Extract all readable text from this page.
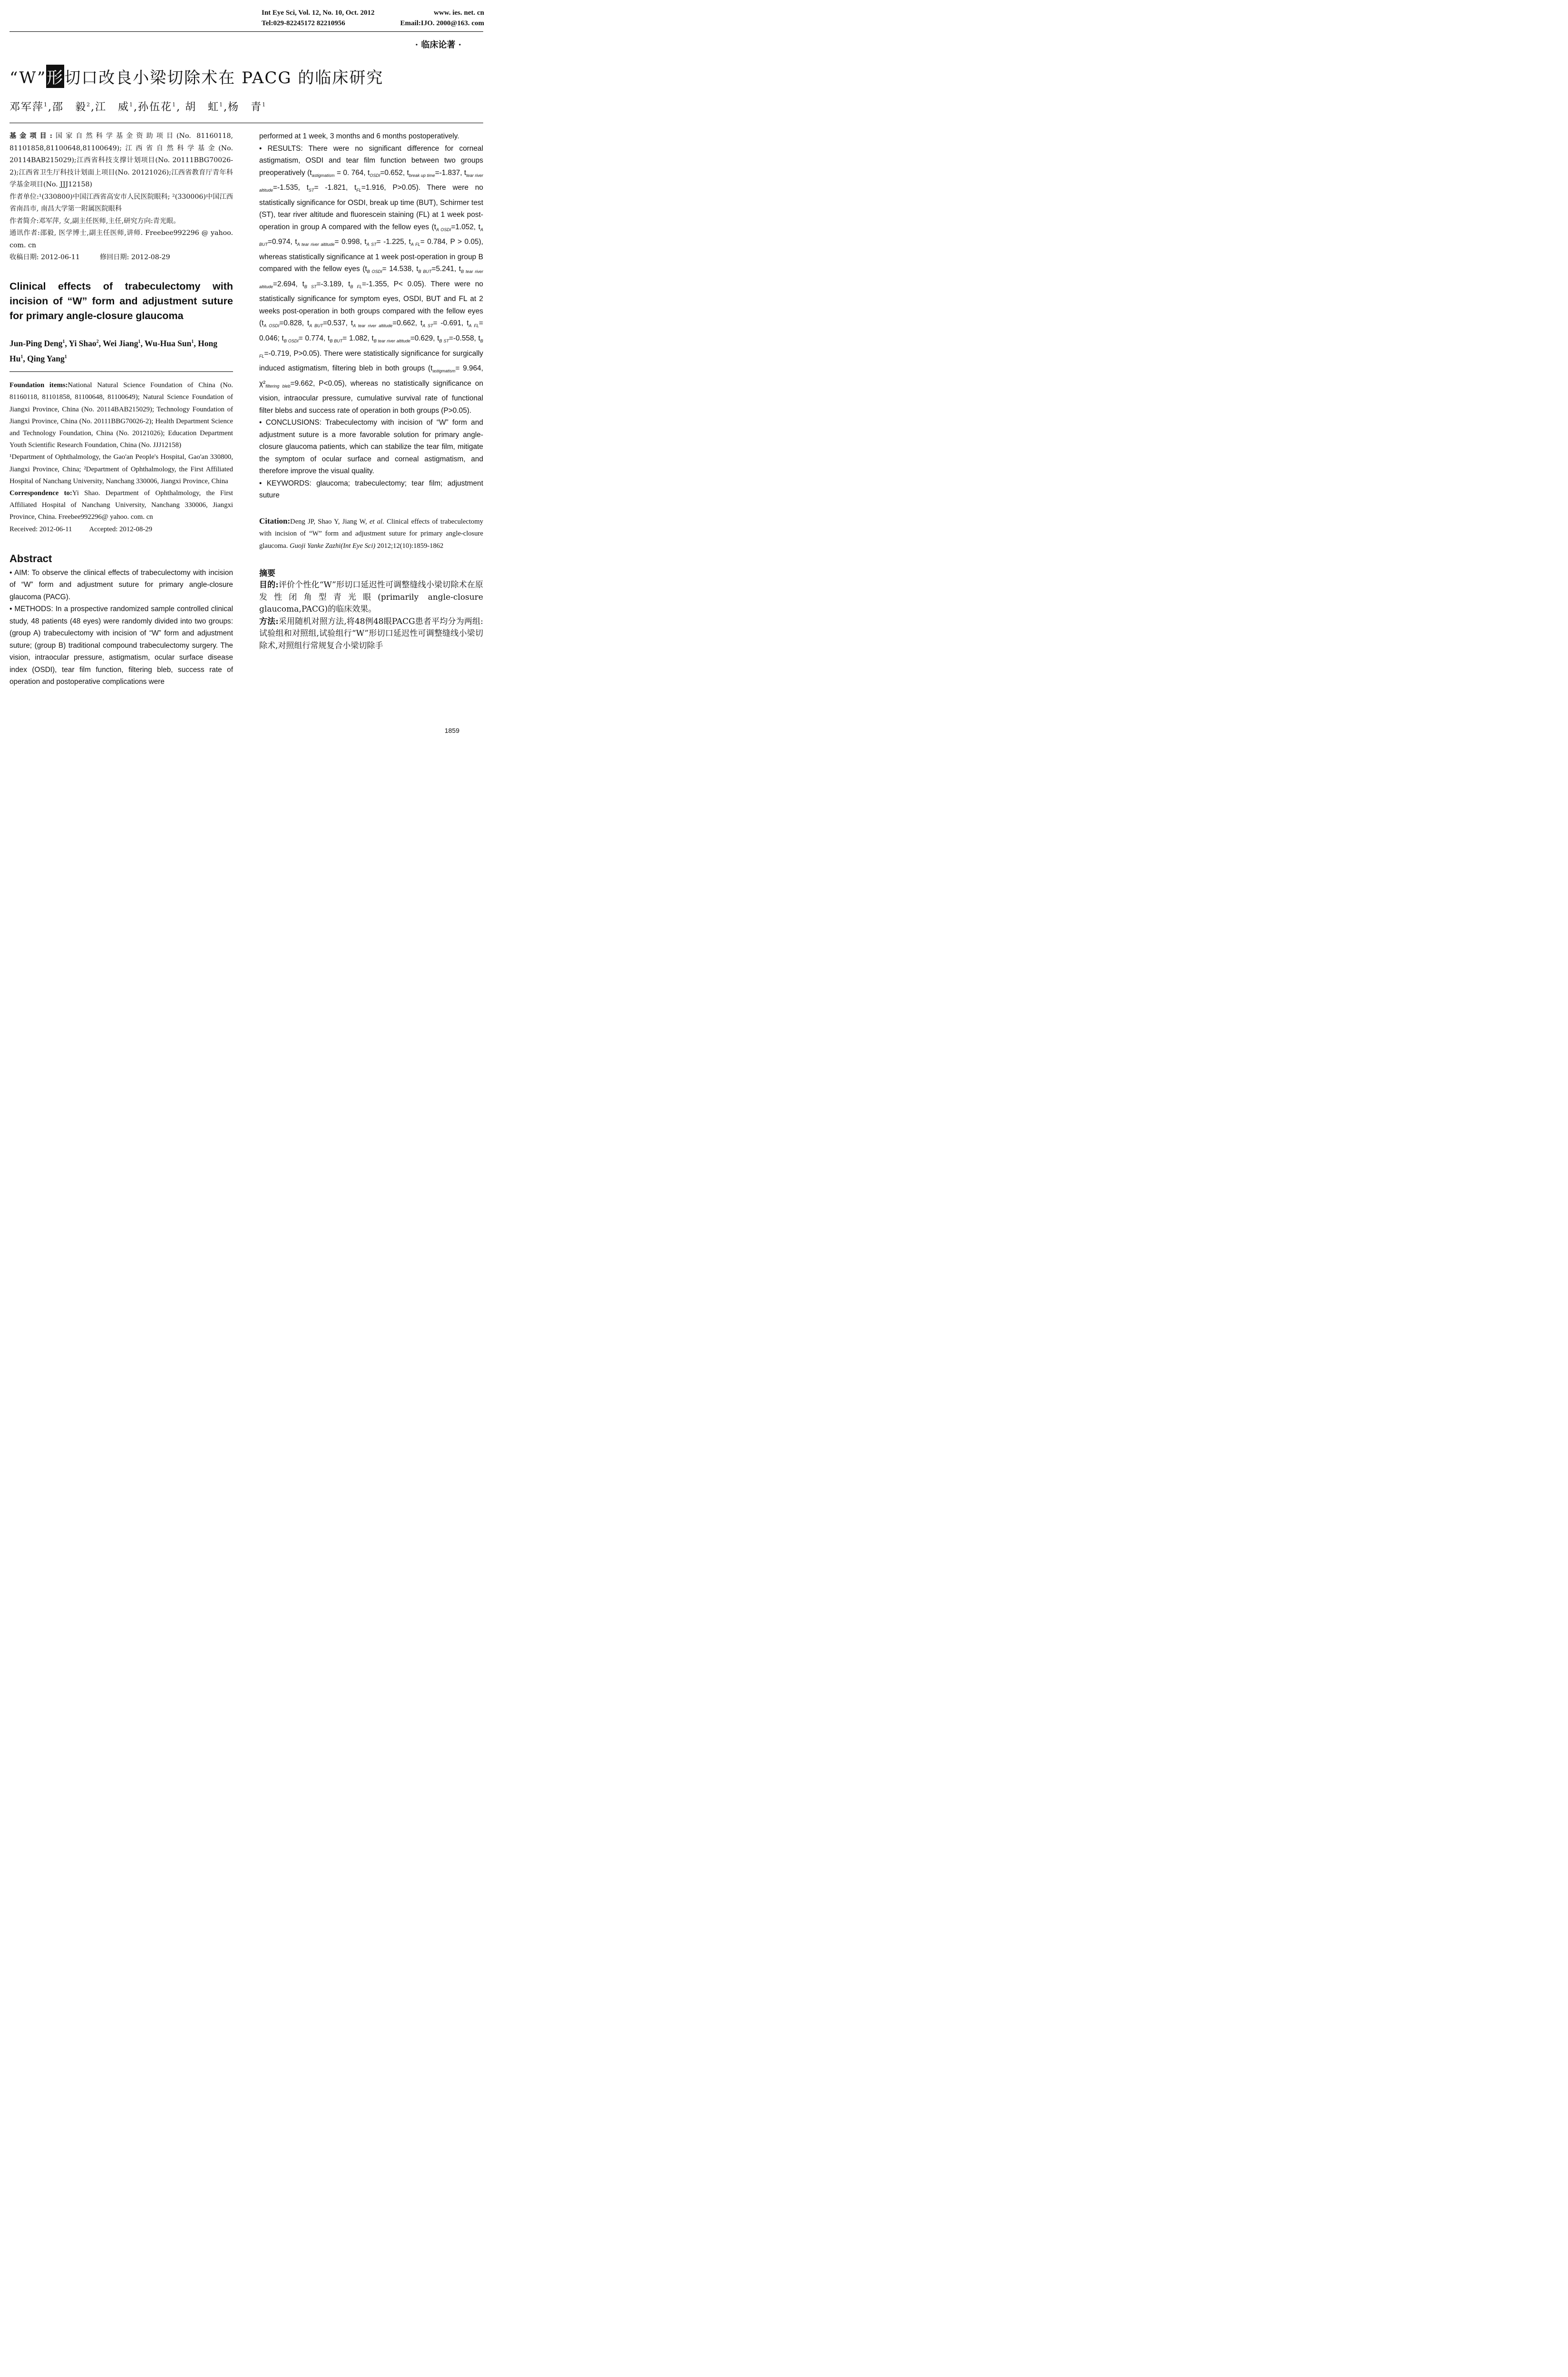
Int Eye Sci, Vol. 12, No. 10, Oct. 2012	www. ies. net. cn
Tel:029-82245172 82210956	Email:IJO. 2000@163. com
· 临床论著 ·
“W”形切口改良小梁切除术在 PACG 的临床研究
邓军萍$^1$,邵　毅$^2$,江　威$^1$,孙伍花$^1$, 胡　虹$^1$,杨　青$^1$
基金项目:国家自然科学基金资助项目(No. 81160118, 81101858,81100648,81100649);江西省自然科学基金(No. 20114BAB215029);江西省科技支撑计划项目(No. 20111BBG70026-2);江西省卫生厅科技计划面上项目(No. 20121026);江西省教育厅青年科学基金项目(No. JJJ12158)
作者单位:¹(330800)中国江西省高安市人民医院眼科; ²(330006)中国江西省南昌市, 南昌大学第一附属医院眼科
作者简介:邓军萍, 女,副主任医师,主任,研究方向:青光眼。
通讯作者:邵毅, 医学博士,副主任医师,讲师. Freebee992296 @ yahoo. com. cn
收稿日期: 2012-06-11	修回日期: 2012-08-29
Clinical effects of trabeculectomy with incision of “W” form and adjustment suture for primary angle-closure glaucoma
Jun-Ping Deng$^1$, Yi Shao$^2$, Wei Jiang$^1$, Wu-Hua Sun$^1$, Hong Hu$^1$, Qing Yang$^1$
Foundation items:National Natural Science Foundation of China (No. 81160118, 81101858, 81100648, 81100649); Natural Science Foundation of Jiangxi Province, China (No. 20114BAB215029); Technology Foundation of Jiangxi Province, China (No. 20111BBG70026-2); Health Department Science and Technology Foundation, China (No. 20121026); Education Department Youth Scientific Research Foundation, China (No. JJJ12158)
¹Department of Ophthalmology, the Gao'an People's Hospital, Gao'an 330800, Jiangxi Province, China; ²Department of Ophthalmology, the First Affiliated Hospital of Nanchang University, Nanchang 330006, Jiangxi Province, China
Correspondence to:Yi Shao. Department of Ophthalmology, the First Affiliated Hospital of Nanchang University, Nanchang 330006, Jiangxi Province, China. Freebee992296@ yahoo. com. cn
Received: 2012-06-11 Accepted: 2012-08-29
Abstract
• AIM: To observe the clinical effects of trabeculectomy with incision of “W” form and adjustment suture for primary angle-closure glaucoma (PACG).
• METHODS: In a prospective randomized sample controlled clinical study, 48 patients (48 eyes) were randomly divided into two groups: (group A) trabeculectomy with incision of “W” form and adjustment suture; (group B) traditional compound trabeculectomy surgery. The vision, intraocular pressure, astigmatism, ocular surface disease index (OSDI), tear film function, filtering bleb, success rate of operation and postoperative complications were
performed at 1 week, 3 months and 6 months postoperatively.
• RESULTS: There were no significant difference for corneal astigmatism, OSDI and tear film function between two groups preoperatively ($t_{astigmatism} = 0$. 764, $t_{OSDI}=0.652$, $t_{break up time}=-1.837$, $t_{tear river altitude}=-1.535$, $t_{ST}= -1.821$, $t_{FL}=1.916$, P>0.05). There were no statistically significance for OSDI, break up time (BUT), Schirmer test (ST), tear river altitude and fluorescein staining (FL) at 1 week post-operation in group A compared with the fellow eyes ($t_{A OSDI}=1.052$, $t_{A BUT}=0.974$, $t_{A tear river altitude}= 0.998$, $t_{A ST}= -1.225$, $t_{A FL}= 0.784$, P > 0.05), whereas statistically significance at 1 week post-operation in group B compared with the fellow eyes ($t_{B OSDI}= 14.538$, $t_{B BUT}=5.241$, $t_{B tear river altitude}=2.694$, $t_{B ST}=-3.189$, $t_{B FL}=-1.355$, P< 0.05). There were no statistically significance for symptom eyes, OSDI, BUT and FL at 2 weeks post-operation in both groups compared with the fellow eyes ($t_{A OSDI}=0.828$, $t_{A BUT}=0.537$, $t_{A tear river altitude}=0.662$, $t_{A ST}= -0.691$, $t_{A FL}= 0.046$; $t_{B OSDI}= 0.774$, $t_{B BUT}= 1.082$, $t_{B tear river altitude}=0.629$, $t_{B ST}=-0.558$, $t_{B FL}=-0.719$, P>0.05). There were statistically significance for surgically induced astigmatism, filtering bleb in both groups ($t_{astigmatism}= 9.964$, $\chi^2_{filtering bleb}=9.662$, P<0.05), whereas no statistically significance on vision, intraocular pressure, cumulative survival rate of functional filter blebs and success rate of operation in both groups (P>0.05).
• CONCLUSIONS: Trabeculectomy with incision of “W” form and adjustment suture is a more favorable solution for primary angle-closure glaucoma patients, which can stabilize the tear film, mitigate the symptom of ocular surface and corneal astigmatism, and therefore improve the visual quality.
• KEYWORDS: glaucoma; trabeculectomy; tear film; adjustment suture
Citation:Deng JP, Shao Y, Jiang W, et al. Clinical effects of trabeculectomy with incision of “W” form and adjustment suture for primary angle-closure glaucoma. Guoji Yanke Zazhi(Int Eye Sci) 2012;12(10):1859-1862
摘要
目的:评价个性化“W”形切口延迟性可调整缝线小梁切除术在原发性闭角型青光眼(primarily angle-closure glaucoma,PACG)的临床效果。
方法:采用随机对照方法,将48例48眼PACG患者平均分为两组:试验组和对照组,试验组行“W”形切口延迟性可调整缝线小梁切除术,对照组行常规复合小梁切除手
1859
